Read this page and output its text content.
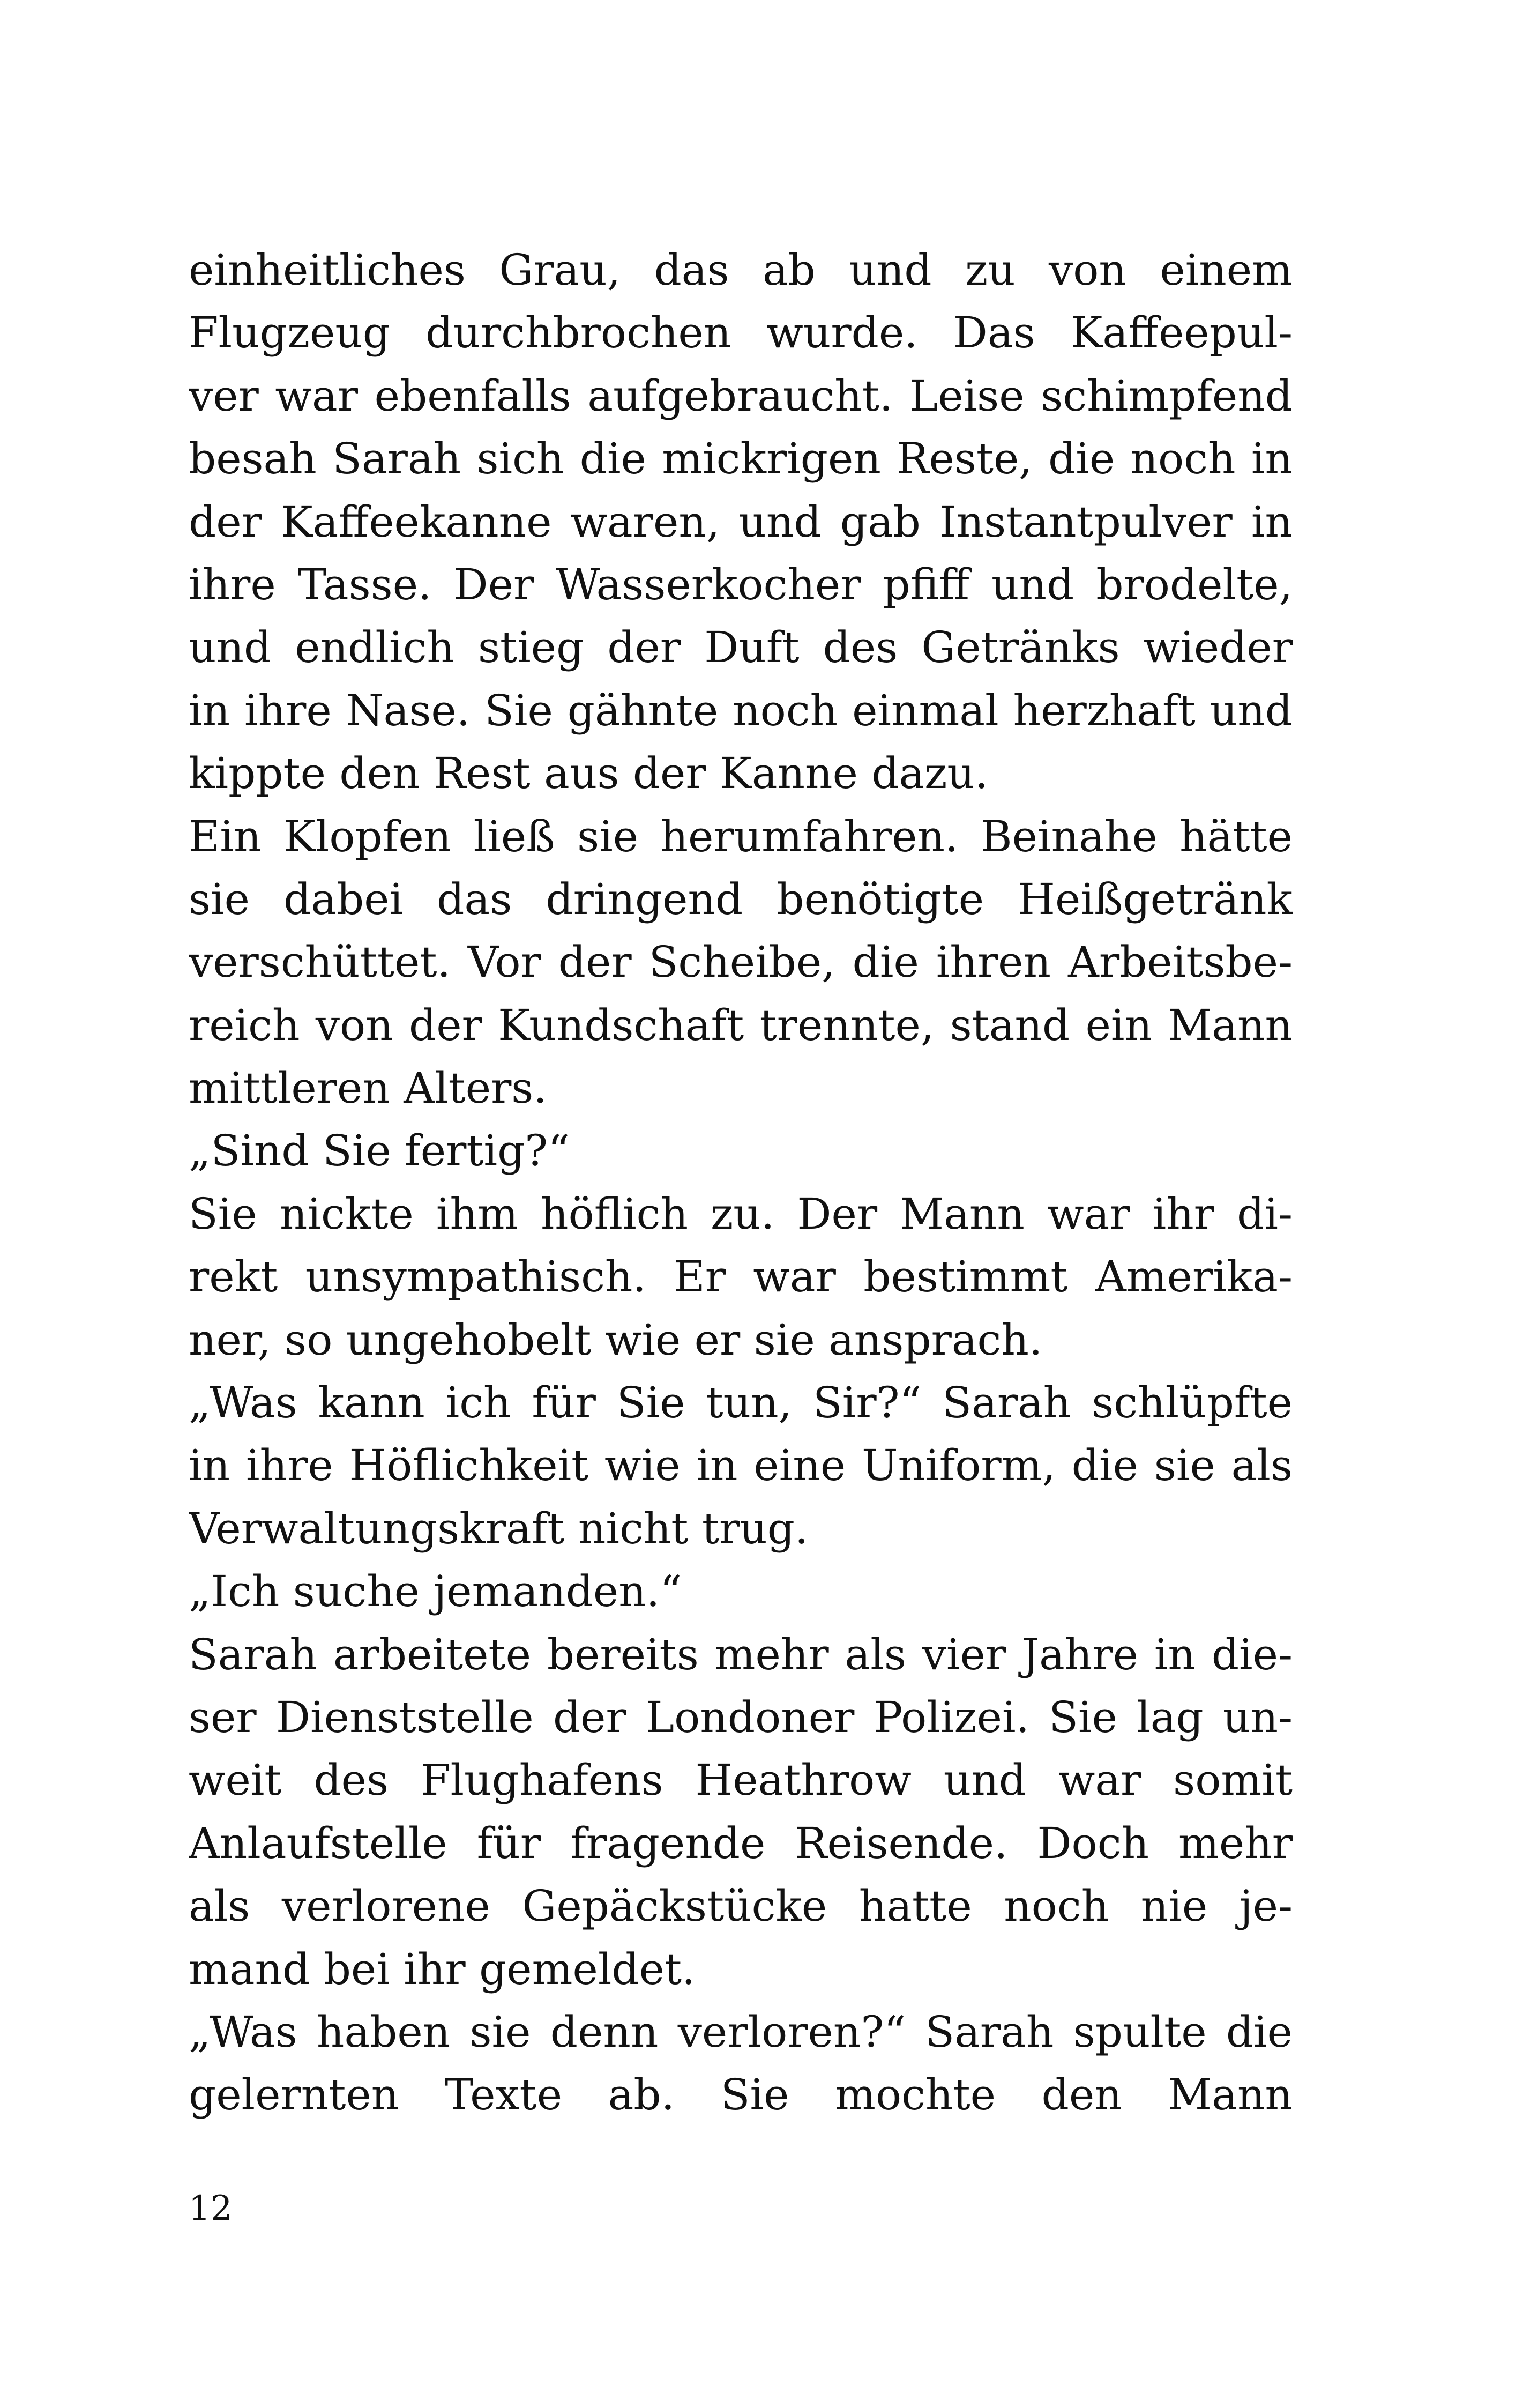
einheitliches Grau, das ab und zu von einem
Flugzeug durchbrochen wurde. Das Kaffeepul-
ver war ebenfalls aufgebraucht. Leise schimpfend
besah Sarah sich die mickrigen Reste, die noch in
der Kaffeekanne waren, und gab Instantpulver in
ihre Tasse. Der Wasserkocher pfiff und brodelte,
und endlich stieg der Duft des Getränks wieder
in ihre Nase. Sie gähnte noch einmal herzhaft und
kippte den Rest aus der Kanne dazu.
Ein Klopfen ließ sie herumfahren. Beinahe hätte
sie dabei das dringend benötigte Heißgetränk
verschüttet. Vor der Scheibe, die ihren Arbeitsbe-
reich von der Kundschaft trennte, stand ein Mann
mittleren Alters.
„Sind Sie fertig?“
Sie nickte ihm höflich zu. Der Mann war ihr di-
rekt unsympathisch. Er war bestimmt Amerika-
ner, so ungehobelt wie er sie ansprach.
„Was kann ich für Sie tun, Sir?“ Sarah schlüpfte
in ihre Höflichkeit wie in eine Uniform, die sie als
Verwaltungskraft nicht trug.
„Ich suche jemanden.“
Sarah arbeitete bereits mehr als vier Jahre in die-
ser Dienststelle der Londoner Polizei. Sie lag un-
weit des Flughafens Heathrow und war somit
Anlaufstelle für fragende Reisende. Doch mehr
als verlorene Gepäckstücke hatte noch nie je-
mand bei ihr gemeldet.
„Was haben sie denn verloren?“ Sarah spulte die
gelernten Texte ab. Sie mochte den Mann
12
